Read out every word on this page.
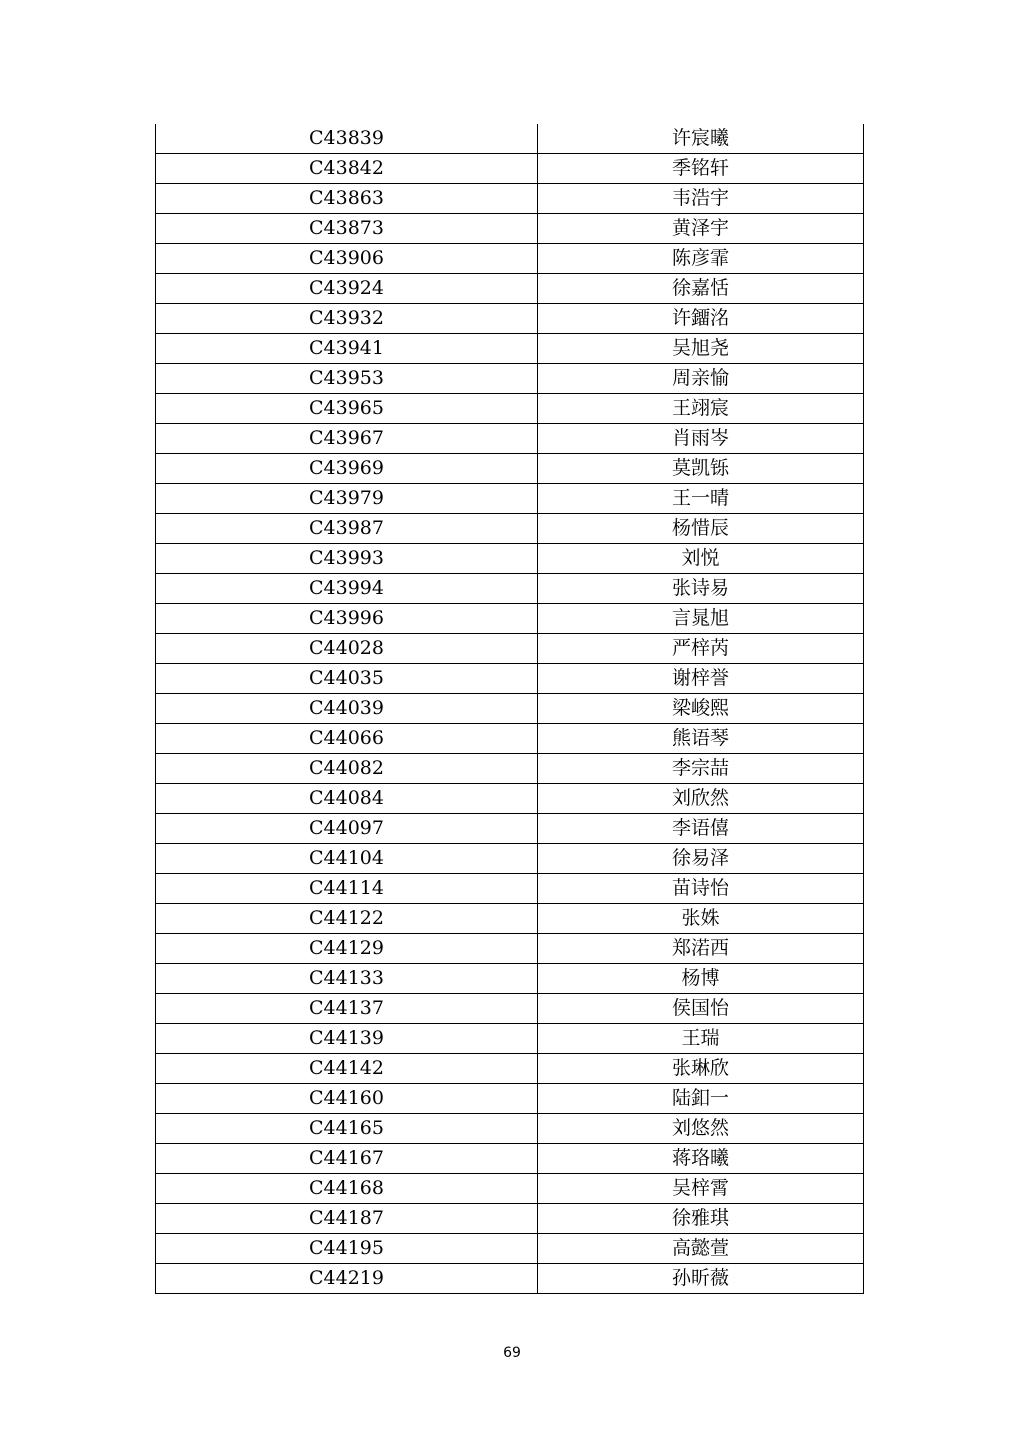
C43839	许宸曦
C43842	季铭轩
C43863	韦浩宇
C43873	黄泽宇
C43906	陈彦霏
C43924	徐嘉恬
C43932	许鐂洺
C43941	吴旭尧
C43953	周亲愉
C43965	王翊宸
C43967	肖雨岑
C43969	莫凯铄
C43979	王一晴
C43987	杨惜辰
C43993	刘悦
C43994	张诗易
C43996	言晁旭
C44028	严梓芮
C44035	谢梓誉
C44039	梁峻熙
C44066	熊语琴
C44082	李宗喆
C44084	刘欣然
C44097	李语僖
C44104	徐易泽
C44114	苗诗怡
C44122	张姝
C44129	郑渃西
C44133	杨博
C44137	侯国怡
C44139	王瑞
C44142	张琳欣
C44160	陆釦一
C44165	刘悠然
C44167	蒋珞曦
C44168	吴梓霄
C44187	徐雅琪
C44195	高懿萱
C44219	孙昕薇
69
